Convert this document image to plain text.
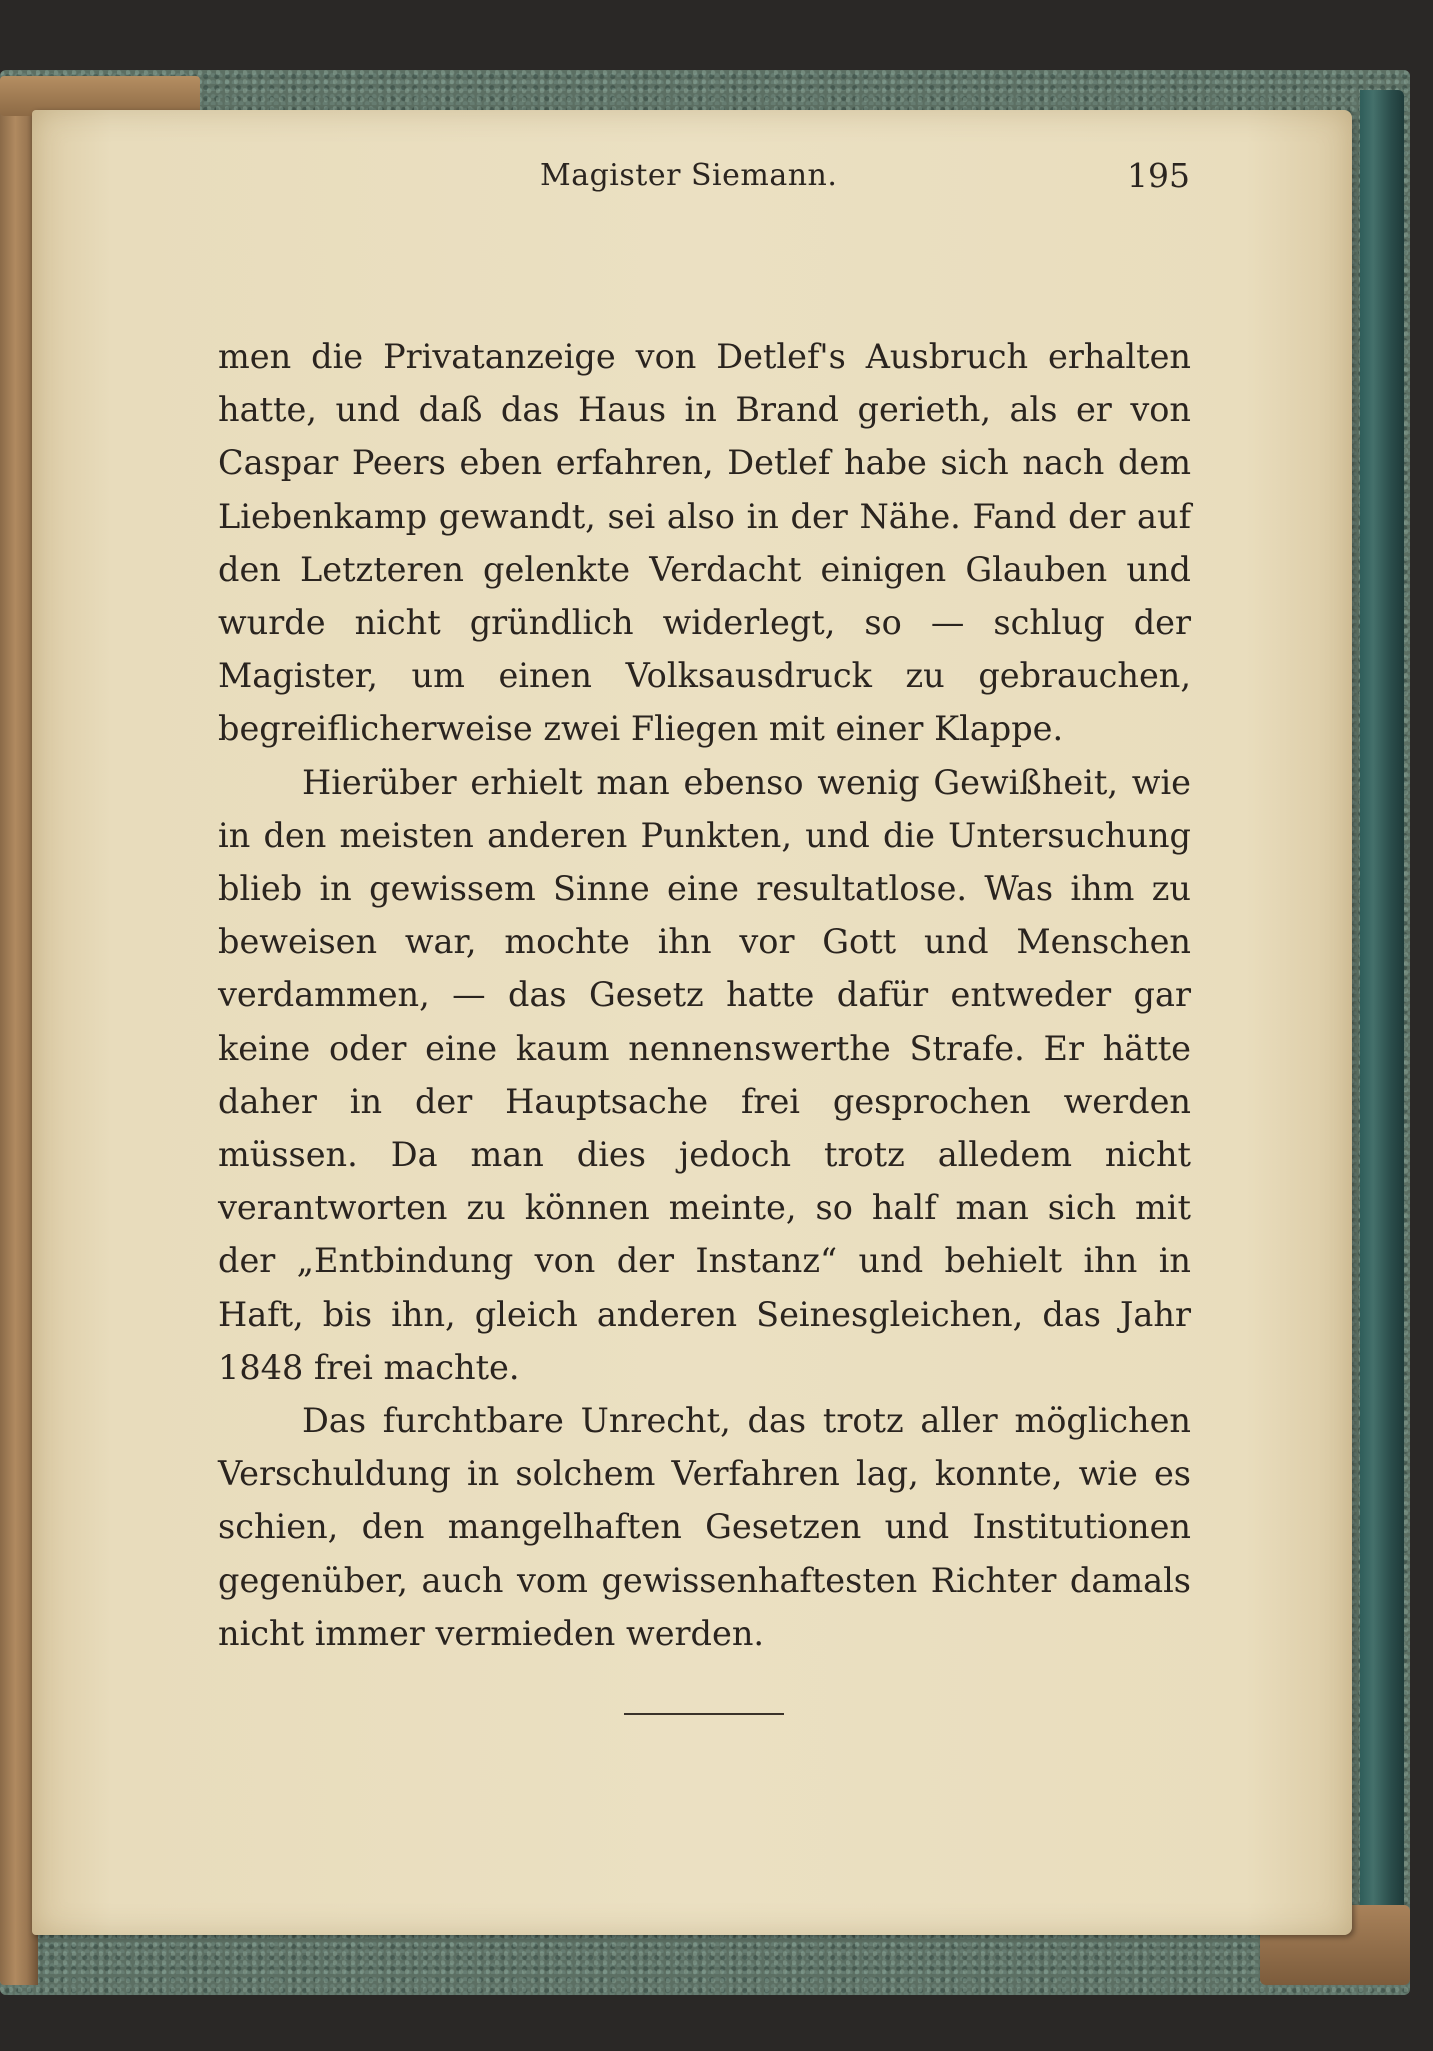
Magister Siemann.	195

men die Privatanzeige von Detlef's Ausbruch erhalten hatte, und daß das Haus in Brand gerieth, als er von Caspar Peers eben erfahren, Detlef habe sich nach dem Liebenkamp gewandt, sei also in der Nähe. Fand der auf den Letzteren gelenkte Verdacht einigen Glauben und wurde nicht gründlich widerlegt, so — schlug der Magister, um einen Volksausdruck zu gebrauchen, begreiflicherweise zwei Fliegen mit einer Klappe.

Hierüber erhielt man ebenso wenig Gewißheit, wie in den meisten anderen Punkten, und die Untersuchung blieb in gewissem Sinne eine resultatlose. Was ihm zu beweisen war, mochte ihn vor Gott und Menschen verdammen, — das Gesetz hatte dafür entweder gar keine oder eine kaum nennenswerthe Strafe. Er hätte daher in der Hauptsache frei gesprochen werden müssen. Da man dies jedoch trotz alledem nicht verantworten zu können meinte, so half man sich mit der „Entbindung von der Instanz“ und behielt ihn in Haft, bis ihn, gleich anderen Seinesgleichen, das Jahr 1848 frei machte.

Das furchtbare Unrecht, das trotz aller möglichen Verschuldung in solchem Verfahren lag, konnte, wie es schien, den mangelhaften Gesetzen und Institutionen gegenüber, auch vom gewissenhaftesten Richter damals nicht immer vermieden werden.
